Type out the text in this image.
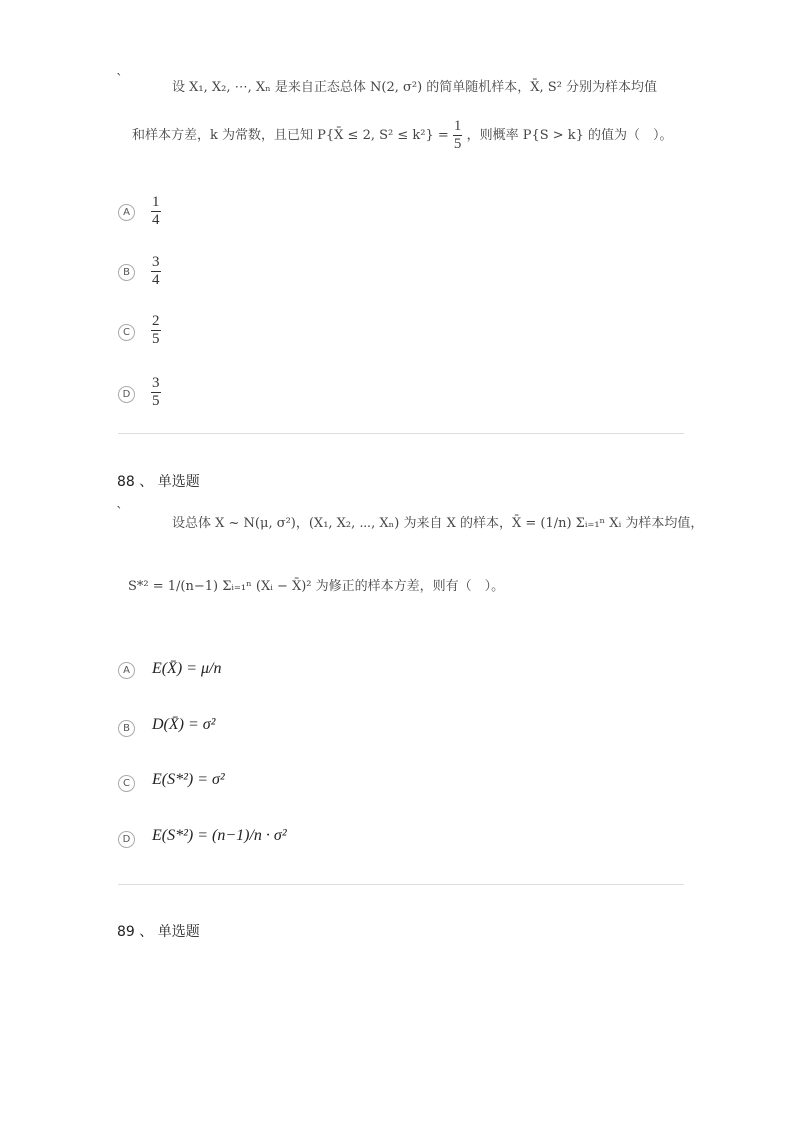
`	设 X₁, X₂, ⋯, Xₙ 是来自正态总体 N(2, σ²) 的简单随机样本，X̄, S² 分别为样本均值
和样本方差，k 为常数，且已知 P{X̄ ≤ 2, $S^2 \le k^2\} = \frac{1}{5}$ ，则概率 P{S > k} 的值为（　）。
A	$\frac{1}{4}$
B	$\frac{3}{4}$
C	$\frac{2}{5}$
D	$\frac{3}{5}$
88 、 单选题
`
设总体 X ~ N(μ, σ²)，(X₁, X₂, ⋯, Xₙ) 为来自 X 的样本，X̄ = (1/n) Σᵢ₌₁ⁿ Xᵢ 为样本均值，
S*² = 1/(n−1) Σᵢ₌₁ⁿ (Xᵢ − X̄)² 为修正的样本方差，则有（　）。
A	E(X̄) = μ/n
B	D(X̄) = σ²
C	E(S*²) = σ²
D E(S*²) = (n−1)/n · σ²
89 、 单选题
